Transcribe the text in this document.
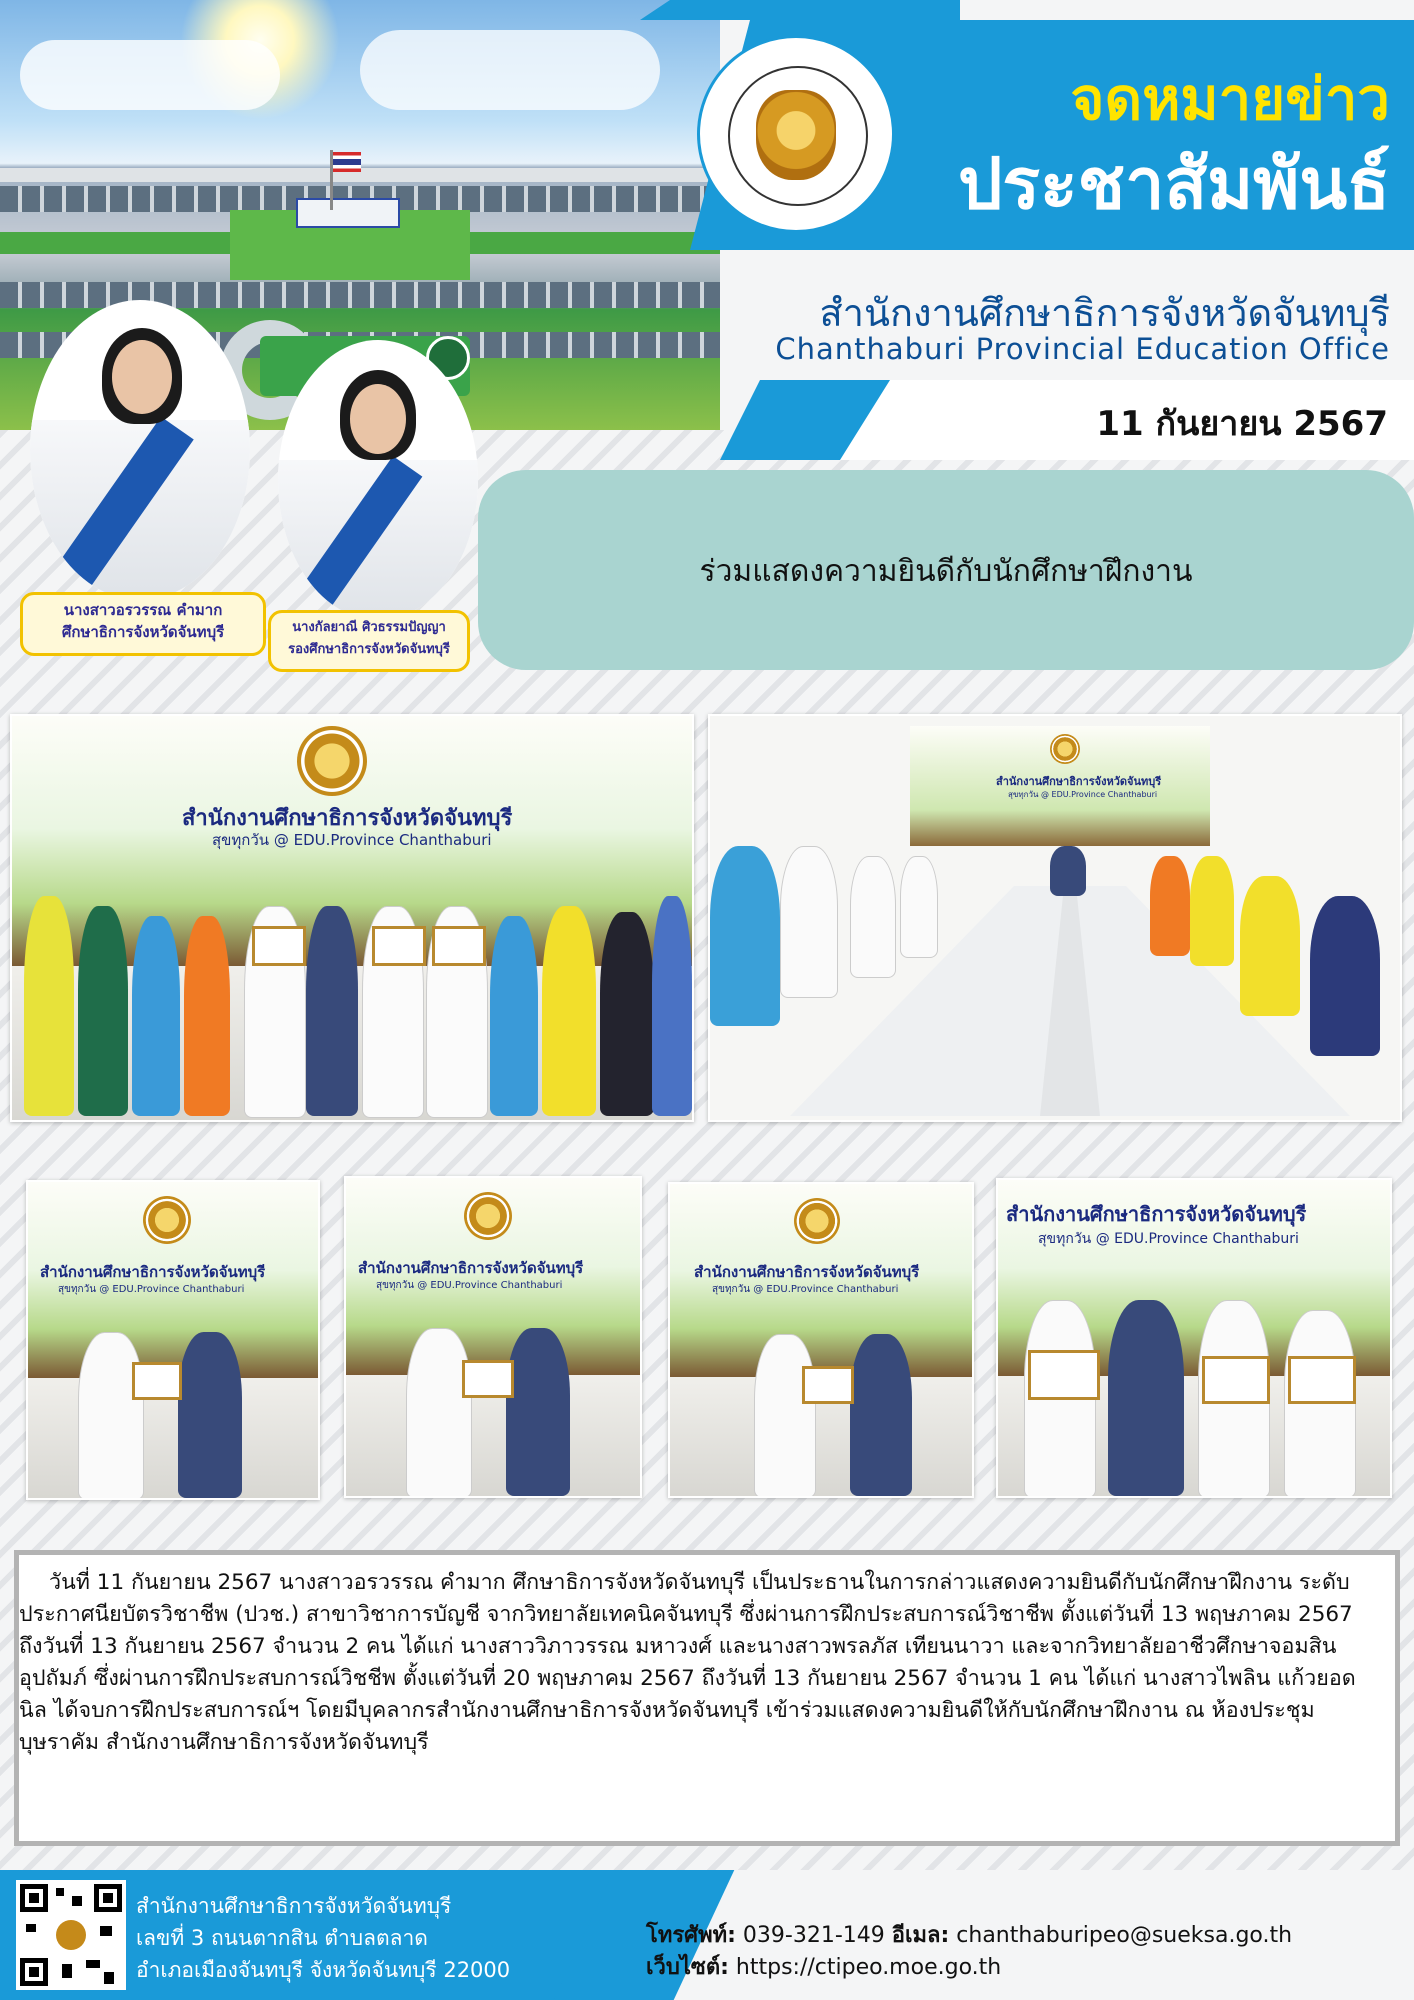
จดหมายข่าว
ประชาสัมพันธ์
สำนักงานศึกษาธิการจังหวัดจันทบุรี
Chanthaburi Provincial Education Office
11 กันยายน 2567
นางสาวอรวรรณ คำมาก
ศึกษาธิการจังหวัดจันทบุรี	นางกัลยาณี ศิวธรรมปัญญา
รองศึกษาธิการจังหวัดจันทบุรี
ร่วมแสดงความยินดีกับนักศึกษาฝึกงาน
สำนักงานศึกษาธิการจังหวัดจันทบุรี
สุขทุกวัน @ EDU.Province Chanthaburi
สำนักงานศึกษาธิการจังหวัดจันทบุรี
สุขทุกวัน @ EDU.Province Chanthaburi
สำนักงานศึกษาธิการจังหวัดจันทบุรี
สุขทุกวัน @ EDU.Province Chanthaburi
สำนักงานศึกษาธิการจังหวัดจันทบุรี
สุขทุกวัน @ EDU.Province Chanthaburi
สำนักงานศึกษาธิการจังหวัดจันทบุรี
สุขทุกวัน @ EDU.Province Chanthaburi
สำนักงานศึกษาธิการจังหวัดจันทบุรี
สุขทุกวัน @ EDU.Province Chanthaburi
วันที่ 11 กันยายน 2567 นางสาวอรวรรณ คำมาก ศึกษาธิการจังหวัดจันทบุรี เป็นประธานในการกล่าวแสดงความยินดีกับนักศึกษาฝึกงาน ระดับประกาศนียบัตรวิชาชีพ (ปวช.) สาขาวิชาการบัญชี จากวิทยาลัยเทคนิคจันทบุรี ซึ่งผ่านการฝึกประสบการณ์วิชาชีพ ตั้งแต่วันที่ 13 พฤษภาคม 2567 ถึงวันที่ 13 กันยายน 2567 จำนวน 2 คน ได้แก่ นางสาววิภาวรรณ มหาวงศ์ และนางสาวพรลภัส เทียนนาวา และจากวิทยาลัยอาชีวศึกษาจอมสินอุปถัมภ์ ซึ่งผ่านการฝึกประสบการณ์วิชชีพ ตั้งแต่วันที่ 20 พฤษภาคม 2567 ถึงวันที่ 13 กันยายน 2567 จำนวน 1 คน ได้แก่ นางสาวไพลิน แก้วยอดนิล ได้จบการฝึกประสบการณ์ฯ โดยมีบุคลากรสำนักงานศึกษาธิการจังหวัดจันทบุรี เข้าร่วมแสดงความยินดีให้กับนักศึกษาฝึกงาน ณ ห้องประชุมบุษราคัม สำนักงานศึกษาธิการจังหวัดจันทบุรี
สำนักงานศึกษาธิการจังหวัดจันทบุรี
เลขที่ 3 ถนนตากสิน ตำบลตลาด
อำเภอเมืองจันทบุรี จังหวัดจันทบุรี 22000
โทรศัพท์: 039-321-149 อีเมล: chanthaburipeo@sueksa.go.th
เว็บไซต์: https://ctipeo.moe.go.th
